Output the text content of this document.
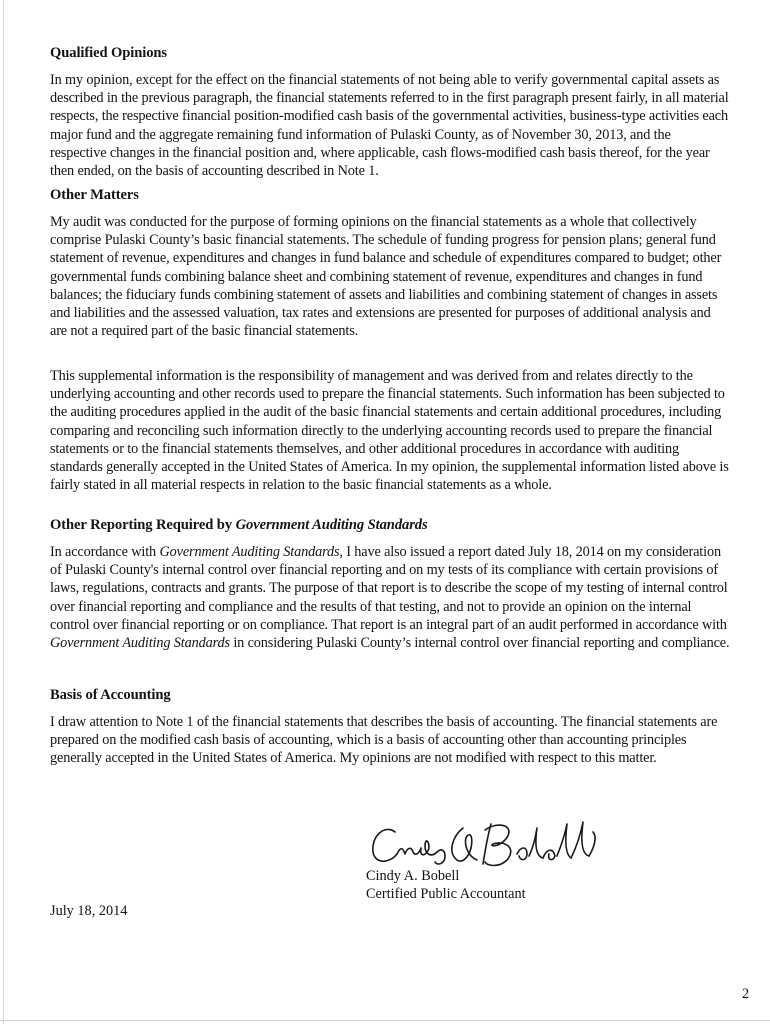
Qualified Opinions

In my opinion, except for the effect on the financial statements of not being able to verify governmental capital assets as described in the previous paragraph, the financial statements referred to in the first paragraph present fairly, in all material respects, the respective financial position-modified cash basis of the governmental activities, business-type activities each major fund and the aggregate remaining fund information of Pulaski County, as of November 30, 2013, and the respective changes in the financial position and, where applicable, cash flows-modified cash basis thereof, for the year then ended, on the basis of accounting described in Note 1.

Other Matters

My audit was conducted for the purpose of forming opinions on the financial statements as a whole that collectively comprise Pulaski County’s basic financial statements. The schedule of funding progress for pension plans; general fund statement of revenue, expenditures and changes in fund balance and schedule of expenditures compared to budget; other governmental funds combining balance sheet and combining statement of revenue, expenditures and changes in fund balances; the fiduciary funds combining statement of assets and liabilities and combining statement of changes in assets and liabilities and the assessed valuation, tax rates and extensions are presented for purposes of additional analysis and are not a required part of the basic financial statements.

This supplemental information is the responsibility of management and was derived from and relates directly to the underlying accounting and other records used to prepare the financial statements. Such information has been subjected to the auditing procedures applied in the audit of the basic financial statements and certain additional procedures, including comparing and reconciling such information directly to the underlying accounting records used to prepare the financial statements or to the financial statements themselves, and other additional procedures in accordance with auditing standards generally accepted in the United States of America. In my opinion, the supplemental information listed above is fairly stated in all material respects in relation to the basic financial statements as a whole.

Other Reporting Required by Government Auditing Standards

In accordance with Government Auditing Standards, I have also issued a report dated July 18, 2014 on my consideration of Pulaski County's internal control over financial reporting and on my tests of its compliance with certain provisions of laws, regulations, contracts and grants. The purpose of that report is to describe the scope of my testing of internal control over financial reporting and compliance and the results of that testing, and not to provide an opinion on the internal control over financial reporting or on compliance. That report is an integral part of an audit performed in accordance with Government Auditing Standards in considering Pulaski County’s internal control over financial reporting and compliance.

Basis of Accounting

I draw attention to Note 1 of the financial statements that describes the basis of accounting. The financial statements are prepared on the modified cash basis of accounting, which is a basis of accounting other than accounting principles generally accepted in the United States of America. My opinions are not modified with respect to this matter.

Cindy A. Bobell
Certified Public Accountant
July 18, 2014
2
